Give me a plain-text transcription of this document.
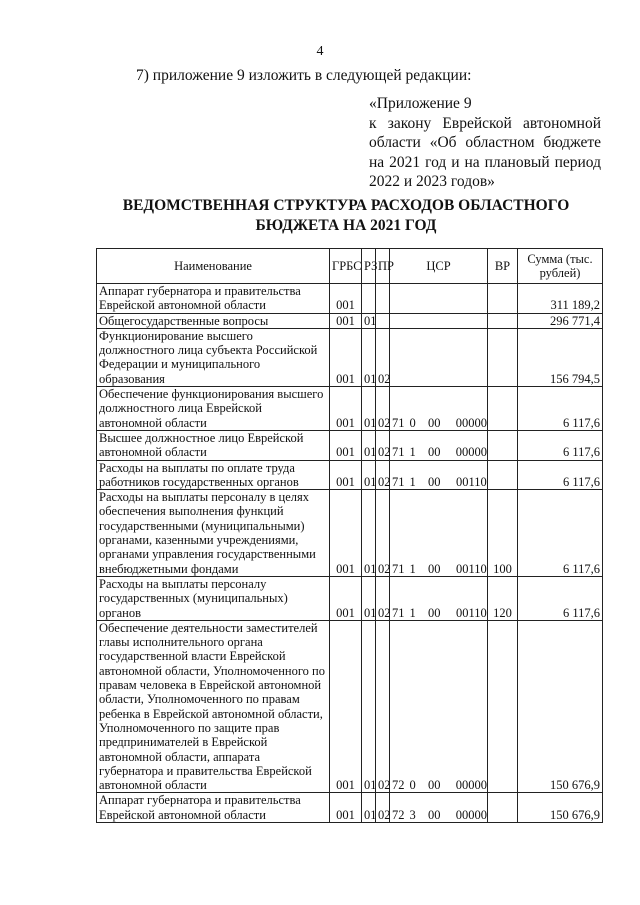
4
7) приложение 9 изложить в следующей редакции:
«Приложение 9
к закону Еврейской автономной
области «Об областном бюджете
на 2021 год и на плановый период
2022 и 2023 годов»
ВЕДОМСТВЕННАЯ СТРУКТУРА РАСХОДОВ ОБЛАСТНОГО
БЮДЖЕТА НА 2021 ГОД
Наименование	ГРБС	РЗ	ПР	ЦСР	ВР	Сумма (тыс.
рублей)

Аппарат губернатора и правительства Еврейской автономной области	001					311 189,2
Общегосударственные вопросы	001	01				296 771,4
Функционирование высшего должностного лица субъекта Российской Федерации и муниципального образования	001	01	02			156 794,5
Обеспечение функционирования высшего должностного лица Еврейской автономной области	001	01	02	71 0 00 00000		6 117,6
Высшее должностное лицо Еврейской автономной области	001	01	02	71 1 00 00000		6 117,6
Расходы на выплаты по оплате труда работников государственных органов	001	01	02	71 1 00 00110		6 117,6
Расходы на выплаты персоналу в целях обеспечения выполнения функций государственными (муниципальными) органами, казенными учреждениями, органами управления государственными внебюджетными фондами	001	01	02	71 1 00 00110	100	6 117,6
Расходы на выплаты персоналу государственных (муниципальных) органов	001	01	02	71 1 00 00110	120	6 117,6
Обеспечение деятельности заместителей главы исполнительного органа государственной власти Еврейской автономной области, Уполномоченного по правам человека в Еврейской автономной области, Уполномоченного по правам ребенка в Еврейской автономной области, Уполномоченного по защите прав предпринимателей в Еврейской автономной области, аппарата губернатора и правительства Еврейской автономной области	001	01	02	72 0 00 00000		150 676,9
Аппарат губернатора и правительства Еврейской автономной области	001	01	02	72 3 00 00000		150 676,9
